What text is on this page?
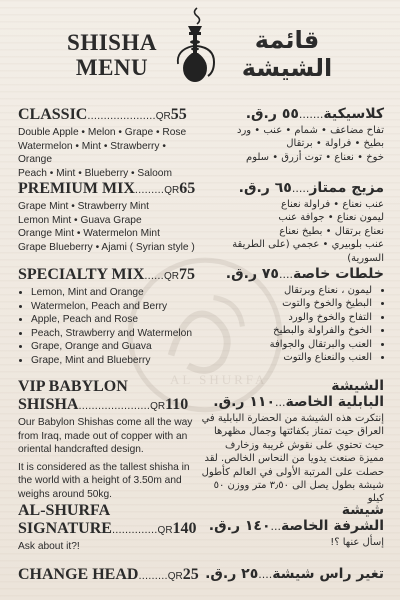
AL SHURFA
SHISHA
MENU
قائمة
الشيشة
CLASSIC.....................QR55
Double Apple • Melon • Grape • Rose
Watermelon • Mint • Strawberry • Orange
Peach • Mint • Blueberry • Saloom
كلاسيكية.......٥٥ ر.ق.
تفاح مضاعف • شمام • عنب • ورد
بطيخ • فراولة • برتقال
خوخ • نعناع • توت أزرق • سلوم
PREMIUM MIX.........QR65
Grape Mint • Strawberry Mint
Lemon Mint • Guava Grape
Orange Mint • Watermelon Mint
Grape Blueberry • Ajami ( Syrian style )
مزيج ممتاز.....٦٥ ر.ق.
عنب نعناع • فراولة نعناع
ليمون نعناع • جوافة عنب
نعناع برتقال • بطيخ نعناع
عنب بلوبيري • عجمي (على الطريقة السورية)
SPECIALTY MIX......QR75
• Lemon, Mint and Orange
• Watermelon, Peach and Berry
• Apple, Peach and Rose
• Peach, Strawberry and Watermelon
• Grape, Orange and Guava
• Grape, Mint and Blueberry
خلطات خاصة....٧٥ ر.ق.
• ليمون ، نعناع وبرتقال
• البطيخ والخوخ والتوت
• التفاح والخوخ والورد
• الخوخ والفراولة والبطيخ
• العنب والبرتقال والجوافة
• العنب والنعناع والتوت
VIP BABYLON
SHISHA......................QR110
Our Babylon Shishas come all the way from Iraq, made out of copper with an oriental handcrafted design.
It is considered as the tallest shisha in the world with a height of 3.50m and weighs around 50kg.
الشيشة
البابلية الخاصة...١١٠ ر.ق.
إنتكرت هذه الشيشة من الحضارة البابلية في العراق حيث تمتاز بكفائتها وجمال مظهرها حيث تحتوي على نقوش غريبة وزخارف مميزة صنعت يدويا من النحاس الخالص. لقد حصلت على المرتبة الأولى في العالم كأطول شيشة بطول يصل الى ٣٫٥٠ متر ووزن ٥٠ كيلو
AL-SHURFA
SIGNATURE..............QR140
Ask about it?!
شيشة
الشرفة الخاصة...١٤٠ ر.ق.
إسأل عنها ؟!
CHANGE HEAD.........QR25	تغير راس شيشة....٢٥ ر.ق.
